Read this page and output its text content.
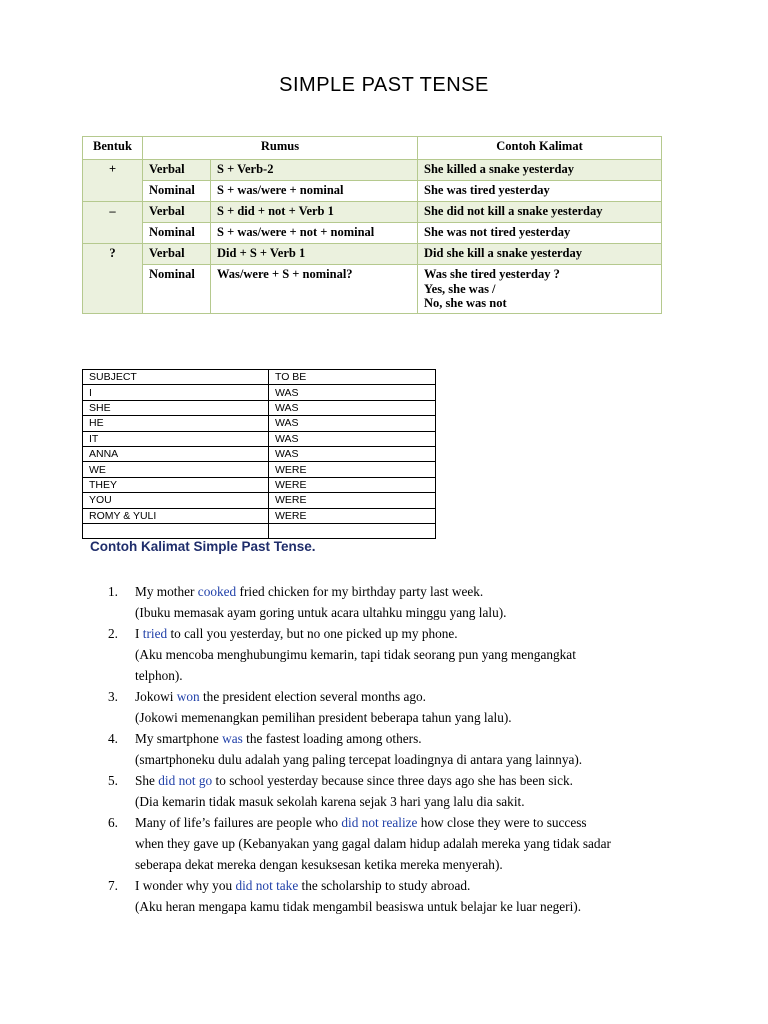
SIMPLE PAST TENSE
Bentuk	Rumus		Contoh Kalimat
+	Verbal	S + Verb-2	She killed a snake yesterday
	Nominal	S + was/were + nominal	She was tired yesterday
–	Verbal	S + did + not + Verb 1	She did not kill a snake yesterday
	Nominal	S + was/were + not + nominal	She was not tired yesterday
?	Verbal	Did + S + Verb 1	Did she kill a snake yesterday
	Nominal	Was/were + S + nominal?	Was she tired yesterday ?
Yes, she was /
No, she was not
SUBJECT	TO BE
I	WAS
SHE	WAS
HE	WAS
IT	WAS
ANNA	WAS
WE	WERE
THEY	WERE
YOU	WERE
ROMY & YULI	WERE

Contoh Kalimat Simple Past Tense.
1. My mother cooked fried chicken for my birthday party last week.
(Ibuku memasak ayam goring untuk acara ultahku minggu yang lalu).
2. I tried to call you yesterday, but no one picked up my phone.
(Aku mencoba menghubungimu kemarin, tapi tidak seorang pun yang mengangkat
telphon).
3. Jokowi won the president election several months ago.
(Jokowi memenangkan pemilihan president beberapa tahun yang lalu).
4. My smartphone was the fastest loading among others.
(smartphoneku dulu adalah yang paling tercepat loadingnya di antara yang lainnya).
5. She did not go to school yesterday because since three days ago she has been sick.
(Dia kemarin tidak masuk sekolah karena sejak 3 hari yang lalu dia sakit.
6. Many of life’s failures are people who did not realize how close they were to success
when they gave up (Kebanyakan yang gagal dalam hidup adalah mereka yang tidak sadar
seberapa dekat mereka dengan kesuksesan ketika mereka menyerah).
7. I wonder why you did not take the scholarship to study abroad.
(Aku heran mengapa kamu tidak mengambil beasiswa untuk belajar ke luar negeri).
